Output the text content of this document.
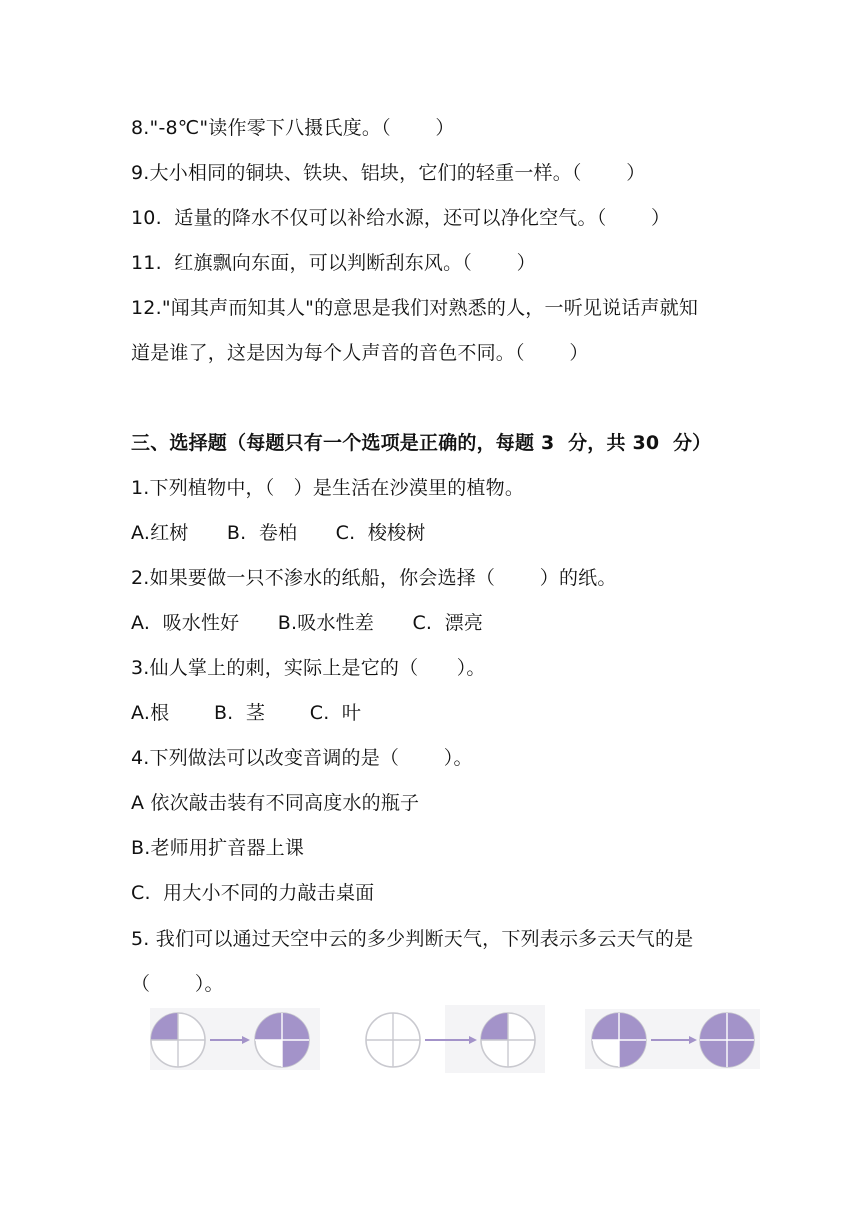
8."-8℃"读作零下八摄氏度。（　　 ）
9.大小相同的铜块、铁块、铝块，它们的轻重一样。（　　 ）
10.  适量的降水不仅可以补给水源，还可以净化空气。（　　 ）
11.  红旗飘向东面，可以判断刮东风。（　　 ）
12."闻其声而知其人"的意思是我们对熟悉的人，一听见说话声就知
道是谁了，这是因为每个人声音的音色不同。（　　 ）
三、选择题（每题只有一个选项是正确的，每题 3  分，共 30  分）
1.下列植物中，（　）是生活在沙漠里的植物。
A.红树　　B.  卷柏　　C.  梭梭树
2.如果要做一只不渗水的纸船，你会选择（　　 ）的纸。
A.  吸水性好　　B.吸水性差　　C.  漂亮
3.仙人掌上的刺，实际上是它的（　　）。
A.根　　 B.  茎　　 C.  叶
4.下列做法可以改变音调的是（　　 ）。
A 依次敲击装有不同高度水的瓶子
B.老师用扩音器上课
C.  用大小不同的力敲击桌面
5. 我们可以通过天空中云的多少判断天气，下列表示多云天气的是
（　　 ）。
